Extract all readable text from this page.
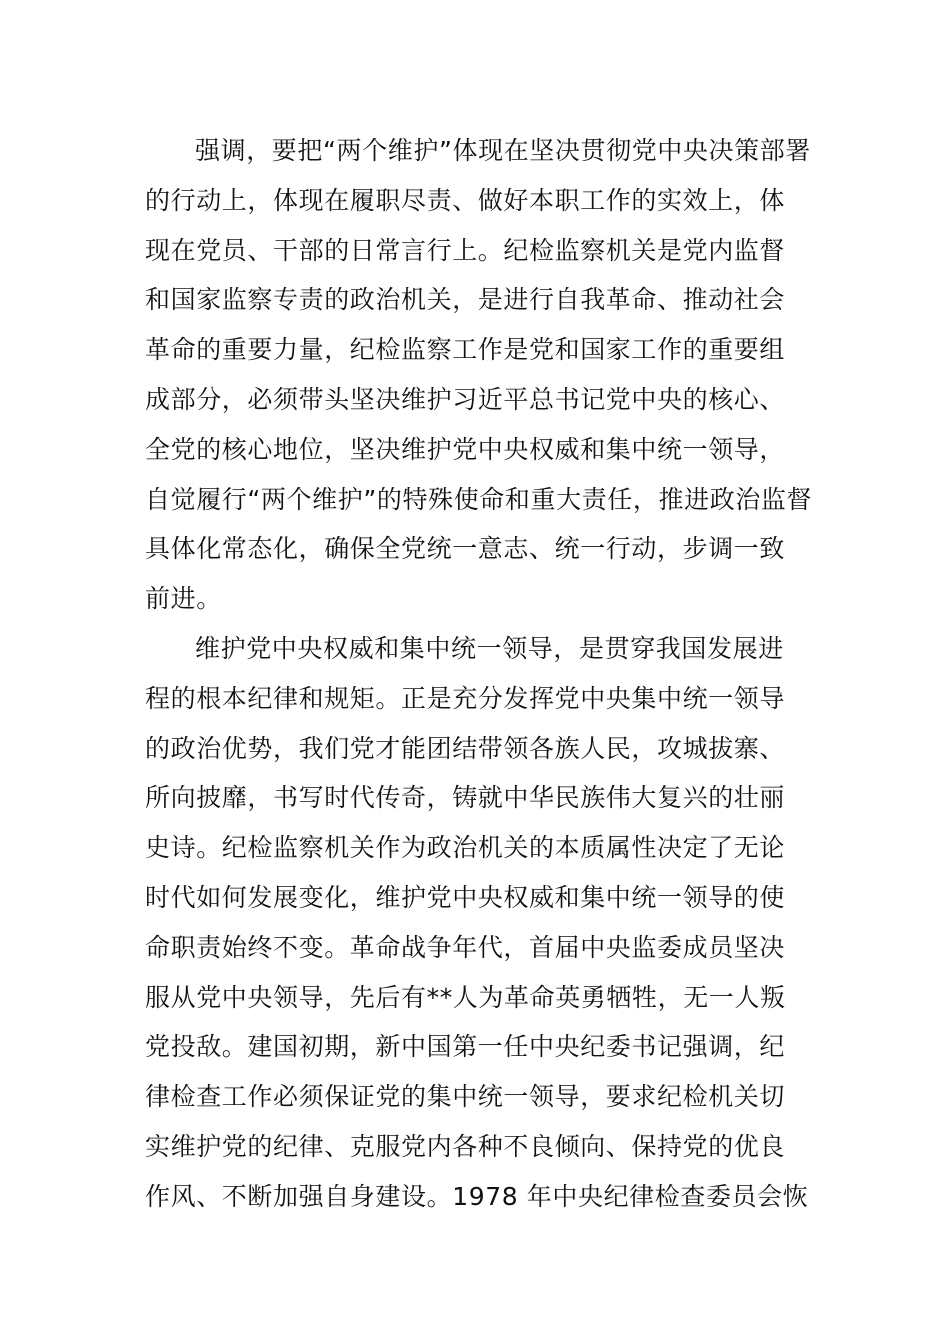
强调，要把“两个维护”体现在坚决贯彻党中央决策部署
的行动上，体现在履职尽责、做好本职工作的实效上，体
现在党员、干部的日常言行上。纪检监察机关是党内监督
和国家监察专责的政治机关，是进行自我革命、推动社会
革命的重要力量，纪检监察工作是党和国家工作的重要组
成部分，必须带头坚决维护习近平总书记党中央的核心、
全党的核心地位，坚决维护党中央权威和集中统一领导，
自觉履行“两个维护”的特殊使命和重大责任，推进政治监督
具体化常态化，确保全党统一意志、统一行动，步调一致
前进。
维护党中央权威和集中统一领导，是贯穿我国发展进
程的根本纪律和规矩。正是充分发挥党中央集中统一领导
的政治优势，我们党才能团结带领各族人民，攻城拔寨、
所向披靡，书写时代传奇，铸就中华民族伟大复兴的壮丽
史诗。纪检监察机关作为政治机关的本质属性决定了无论
时代如何发展变化，维护党中央权威和集中统一领导的使
命职责始终不变。革命战争年代，首届中央监委成员坚决
服从党中央领导，先后有**人为革命英勇牺牲，无一人叛
党投敌。建国初期，新中国第一任中央纪委书记强调，纪
律检查工作必须保证党的集中统一领导，要求纪检机关切
实维护党的纪律、克服党内各种不良倾向、保持党的优良
作风、不断加强自身建设。1978 年中央纪律检查委员会恢
